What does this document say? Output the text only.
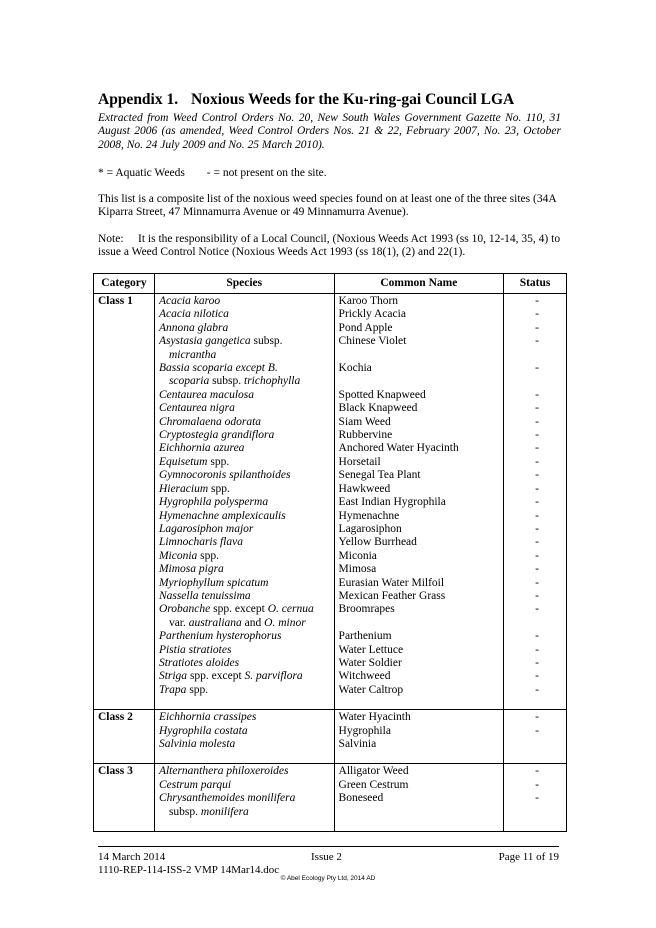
Appendix 1. Noxious Weeds for the Ku-ring-gai Council LGA
Extracted from Weed Control Orders No. 20, New South Wales Government Gazette No. 110, 31 August 2006 (as amended, Weed Control Orders Nos. 21 & 22, February 2007, No. 23, October 2008, No. 24 July 2009 and No. 25 March 2010).
* = Aquatic Weeds - = not present on the site.
This list is a composite list of the noxious weed species found on at least one of the three sites (34A Kiparra Street, 47 Minnamurra Avenue or 49 Minnamurra Avenue).
Note: It is the responsibility of a Local Council, (Noxious Weeds Act 1993 (ss 10, 12-14, 35, 4) to issue a Weed Control Notice (Noxious Weeds Act 1993 (ss 18(1), (2) and 22(1).
Category	Species	Common Name	Status
Class 1	Acacia karoo	Karoo Thorn	-
	Acacia nilotica	Prickly Acacia	-
	Annona glabra	Pond Apple	-
	Asystasia gangetica subsp.
micrantha	Chinese Violet	-
	Bassia scoparia except B.
scoparia subsp. trichophylla	Kochia	-
	Centaurea maculosa	Spotted Knapweed	-
	Centaurea nigra	Black Knapweed	-
	Chromalaena odorata	Siam Weed	-
	Cryptostegia grandiflora	Rubbervine	-
	Eichhornia azurea	Anchored Water Hyacinth	-
	Equisetum spp.	Horsetail	-
	Gymnocoronis spilanthoides	Senegal Tea Plant	-
	Hieracium spp.	Hawkweed	-
	Hygrophila polysperma	East Indian Hygrophila	-
	Hymenachne amplexicaulis	Hymenachne	-
	Lagarosiphon major	Lagarosiphon	-
	Limnocharis flava	Yellow Burrhead	-
	Miconia spp.	Miconia	-
	Mimosa pigra	Mimosa	-
	Myriophyllum spicatum	Eurasian Water Milfoil	-
	Nassella tenuissima	Mexican Feather Grass	-
	Orobanche spp. except O. cernua
var. australiana and O. minor	Broomrapes	-
	Parthenium hysterophorus	Parthenium	-
	Pistia stratiotes	Water Lettuce	-
	Stratiotes aloides	Water Soldier	-
	Striga spp. except S. parviflora	Witchweed	-
	Trapa spp.	Water Caltrop	-
Class 2	Eichhornia crassipes	Water Hyacinth	-
	Hygrophila costata	Hygrophila	-
	Salvinia molesta	Salvinia	
Class 3	Alternanthera philoxeroides	Alligator Weed	-
	Cestrum parqui	Green Cestrum	-
	Chrysanthemoides monilifera
subsp. monilifera	Boneseed	-
14 March 2014
1110-REP-114-ISS-2 VMP 14Mar14.doc
Issue 2	Page 11 of 19
© Abel Ecology Pty Ltd, 2014 AD
